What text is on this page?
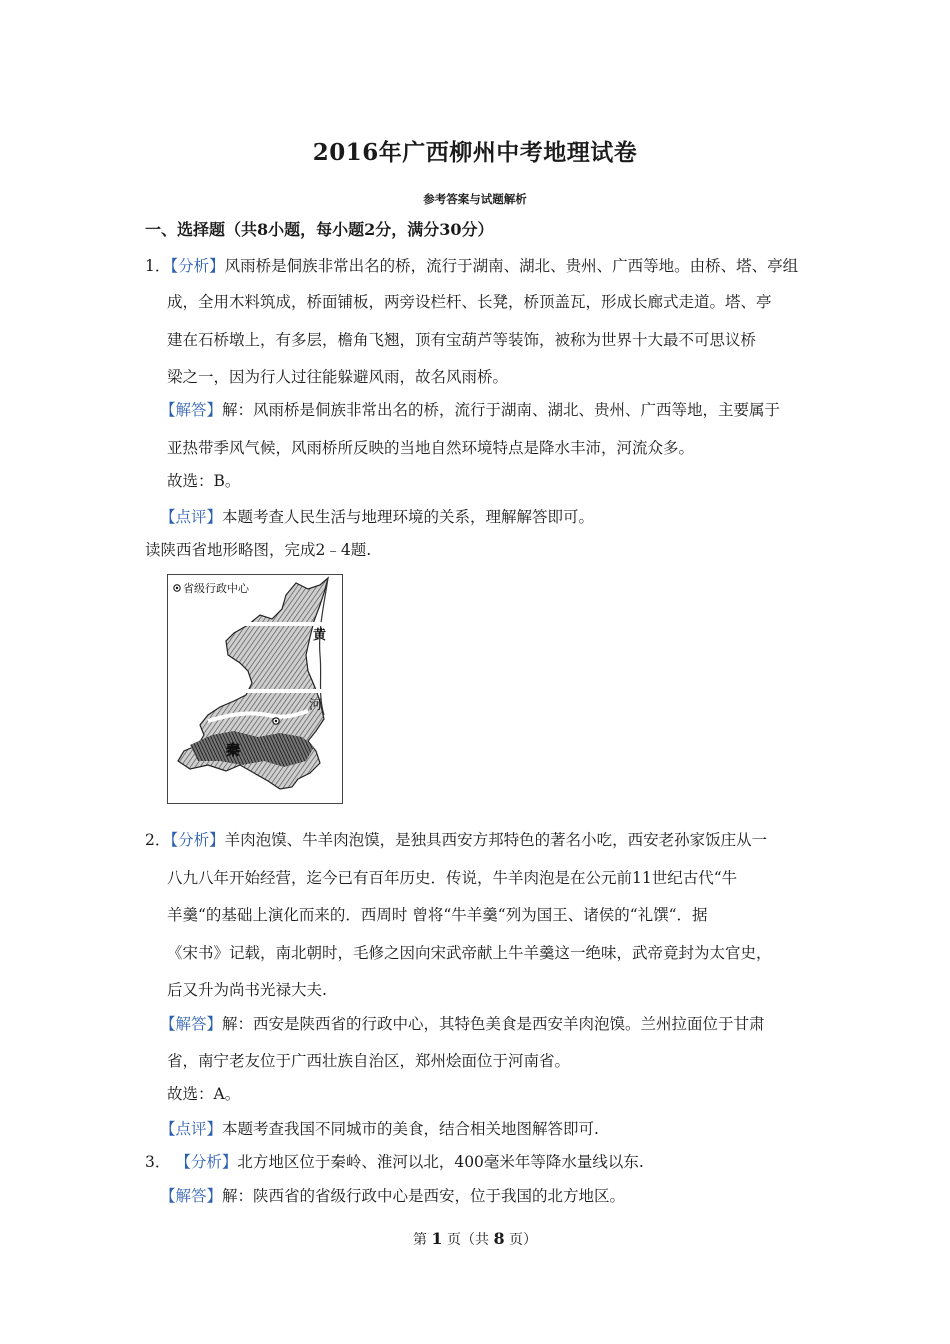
2016年广西柳州中考地理试卷
参考答案与试题解析
一、选择题（共8小题，每小题2分，满分30分）
1．【分析】风雨桥是侗族非常出名的桥，流行于湖南、湖北、贵州、广西等地。由桥、塔、亭组
成，全用木料筑成，桥面铺板，两旁设栏杆、长凳，桥顶盖瓦，形成长廊式走道。塔、亭
建在石桥墩上，有多层，檐角飞翘，顶有宝葫芦等装饰，被称为世界十大最不可思议桥
梁之一，因为行人过往能躲避风雨，故名风雨桥。
【解答】解：风雨桥是侗族非常出名的桥，流行于湖南、湖北、贵州、广西等地，主要属于
亚热带季风气候，风雨桥所反映的当地自然环境特点是降水丰沛，河流众多。
故选：B。
【点评】本题考查人民生活与地理环境的关系，理解解答即可。
读陕西省地形略图，完成2﹣4题.
省级行政中心
黄
河
秦
2．【分析】羊肉泡馍、牛羊肉泡馍，是独具西安方邦特色的著名小吃，西安老孙家饭庄从一
八九八年开始经营，迄今已有百年历史．传说，牛羊肉泡是在公元前11世纪古代“牛
羊羹“的基础上演化而来的．西周时 曾将“牛羊羹“列为国王、诸侯的“礼馔“．据
《宋书》记载，南北朝时，毛修之因向宋武帝献上牛羊羹这一绝味，武帝竟封为太官史，
后又升为尚书光禄大夫.
【解答】解：西安是陕西省的行政中心，其特色美食是西安羊肉泡馍。兰州拉面位于甘肃
省，南宁老友位于广西壮族自治区，郑州烩面位于河南省。
故选：A。
【点评】本题考查我国不同城市的美食，结合相关地图解答即可.
3． 【分析】北方地区位于秦岭、淮河以北，400毫米年等降水量线以东.
【解答】解：陕西省的省级行政中心是西安，位于我国的北方地区。
第 1 页（共 8 页）
